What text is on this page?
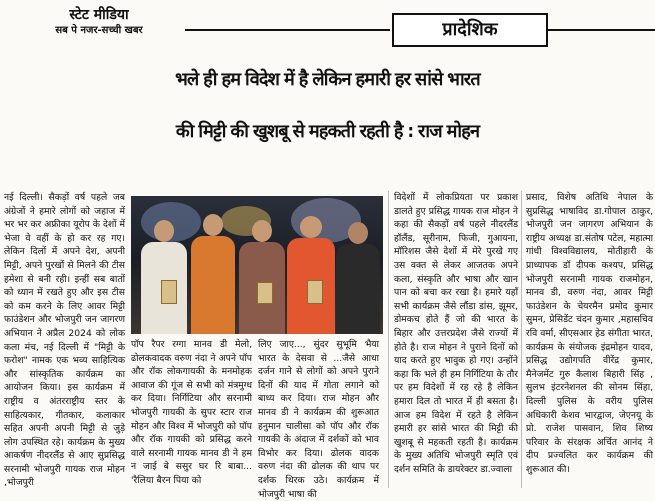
स्टेट मीडिया
सब पे नजर-सच्ची खबर	प्रादेशिक
भले ही हम विदेश में है लेकिन हमारी हर सांसे भारत
की मिट्टी की खुशबू से महकती रहती है : राज मोहन

नई दिल्ली। सैकड़ों वर्ष पहले जब अंग्रेजों ने हमारे लोगों को जहाज में भर भर कर अफ्रीका यूरोप के देशों में भेजा वे वहीं के हो कर रह गए। लेकिन दिलों में अपने देश, अपनी मिट्टी, अपने पुरखों से मिलने की टीस हमेशा से बनी रही। इन्हीं सब बातों को ध्यान में रखते हुए और इस टीस को कम करने के लिए आवर मिट्टी फाउंडेशन और भोजपुरी जन जागरण अभियान ने अप्रैल 2024 को लोक कला मंच, नई दिल्ली में "मिट्टी के फरोश" नामक एक भव्य साहित्यिक और सांस्कृतिक कार्यक्रम का आयोजन किया। इस कार्यक्रम में राष्ट्रीय व अंतरराष्ट्रीय स्तर के साहित्यकार, गीतकार, कलाकार सहित अपनी अपनी मिट्टी से जुड़े लोग उपस्थित रहे। कार्यक्रम के मुख्य आकर्षण नीदरलैंड से आए सुप्रसिद्ध सरनामी भोजपुरी गायक राज मोहन ,भोजपुरी

पॉप रैपर रग्गा मानव डी मेलो, ढोलकवादक वरुण नंदा ने अपने पॉप और रॉक लोकगायकी के मनमोहक आवाज की गूंज से सभी को मंत्रमुग्ध कर दिया। निर्गिटिया और सरनामी भोजपुरी गायकी के सुपर स्टार राज मोहन और विश्व में भोजपुरी को पॉप और रॉक गायकी को प्रसिद्ध करने वाले सरनामी गायक मानव डी ने हम न जाई बे ससुर घर रि बाबा... 'रैलिया बैरन पिया को

लिए जाए..., सुंदर सुभूमि भैया भारत के देसवा से ...जैसे आधा दर्जन गाने से लोगों को अपने पुराने दिनों की याद में गोता लगाने को बाध्य कर दिया। राज मोहन और मानव डी ने कार्यक्रम की शुरूआत हनुमान चालीसा को पॉप और रॉक गायकी के अंदाज में दर्शकों को भाव विभोर कर दिया। ढोलक वादक वरुण नंदा की ढोलक की थाप पर दर्शक थिरक उठे। कार्यक्रम में भोजपुरी भाषा की

विदेशों में लोकप्रियता पर प्रकाश डालते हुए प्रसिद्ध गायक राज मोहन ने कहा की सैकड़ों वर्ष पहले नीदरलैंड हॉलैंड, सूरीनाम, फिजी, गुआयना, मॉरिशस जैसे देशों में मेरे पुरखे गए उस वक्त से लेकर आजतक अपने कला, संस्कृति और भाषा और खान पान को बचा कर रखा है। हमारे यहाँ सभी कार्यक्रम जैसे लौंडा डांस, झूमर, डोमकच होते हैं जो की भारत के बिहार और उत्तरप्रदेश जैसे राज्यों में होते है। राज मोहन ने पुराने दिनों को याद करते हुए भावुक हो गए। उन्होंने कहा कि भले ही हम निर्गिटिया के तौर पर हम विदेशों में रह रहे है लेकिन हमारा दिल तो भारत में ही बसता है। आज हम विदेश में रहते है लेकिन हमारी हर सांसे भारत की मिट्टी की खुशबू से महकती रहती है। कार्यक्रम के मुख्य अतिथि भोजपुरी स्मृति एवं दर्शन समिति के डायरेक्टर डा.ज्वाला

प्रसाद, विशेष अतिथि नेपाल के सुप्रसिद्ध भाषाविद डा.गोपाल ठाकुर, भोजपुरी जन जागरण अभियान के राष्ट्रीय अध्यक्ष डा.संतोष पटेल, महात्मा गांधी विश्वविद्यालय, मोतीहारी के प्राध्यापक डॉ दीपक कश्यप, प्रसिद्ध भोजपुरी सरनामी गायक राजमोहन, मानव डी, वरुण नंदा, आवर मिट्टी फाउंडेशन के चेयरमैन प्रमोद कुमार सुमन, प्रेसिडेंट चंदन कुमार ,महासचिव रवि वर्मा, सीएसआर हेड संगीता भारत, कार्यक्रम के संयोजक इंद्रमोहन यादव, प्रसिद्ध उद्योगपति वीरेंद्र कुमार, मैनेजमेंट गुरु कैलाश बिहारी सिंह , सुलभ इंटरनेशनल की सोनम सिंहा, दिल्ली पुलिस के वरीय पुलिस अधिकारी केशव भारद्वाज, जेएनयू के प्रो. राजेश पासवान, शिव शिष्य परिवार के संरक्षक अर्चित आनंद ने दीप प्रज्वलित कर कार्यक्रम की शुरूआत की।
